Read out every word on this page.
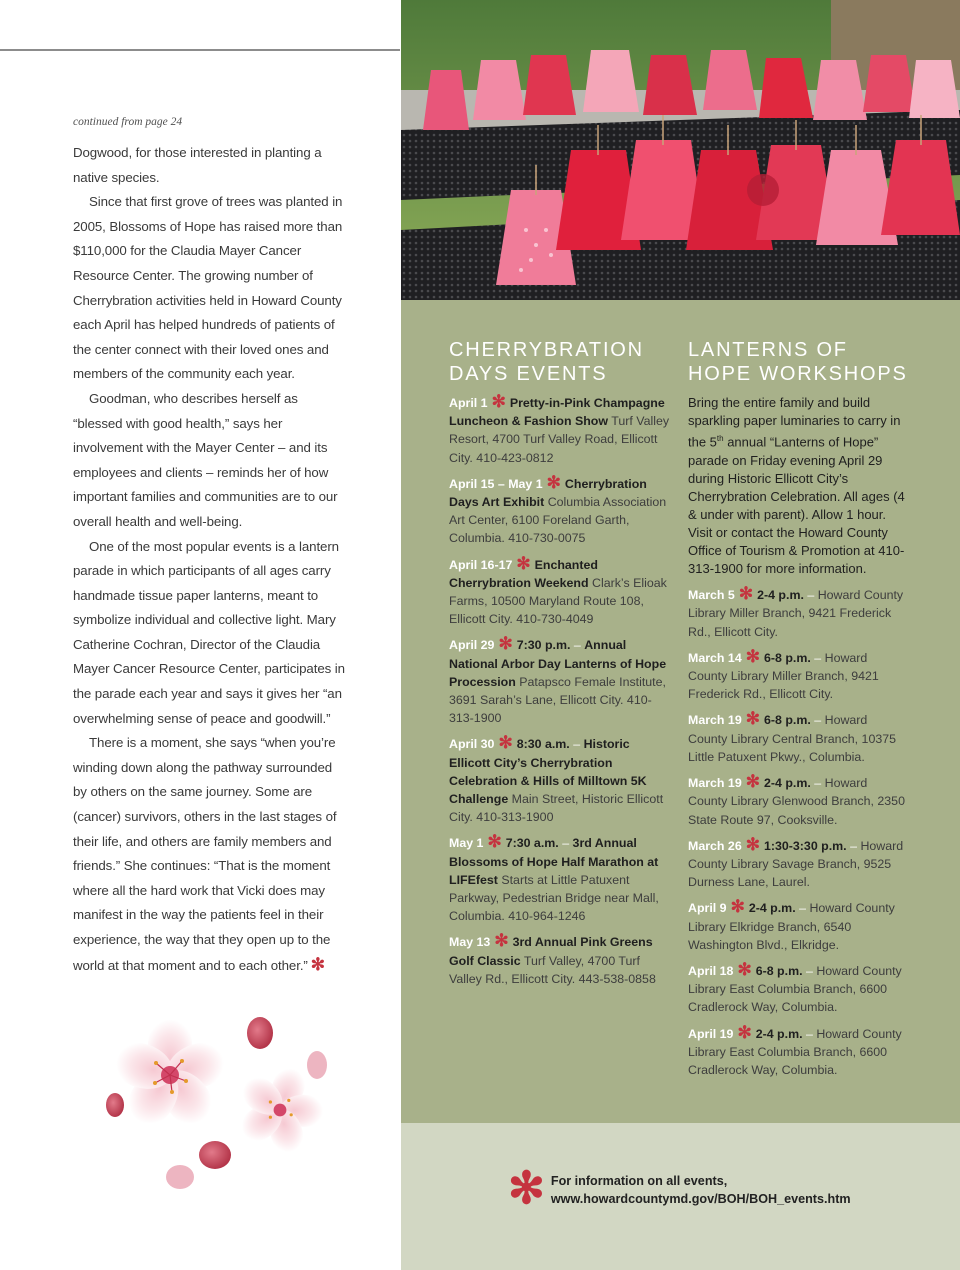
continued from page 24

Dogwood, for those interested in planting a native species.

Since that first grove of trees was planted in 2005, Blossoms of Hope has raised more than $110,000 for the Claudia Mayer Cancer Resource Center. The growing number of Cherrybration activities held in Howard County each April has helped hundreds of patients of the center connect with their loved ones and members of the community each year.

Goodman, who describes herself as “blessed with good health,” says her involvement with the Mayer Center – and its employees and clients – reminds her of how important families and communities are to our overall health and well-being.

One of the most popular events is a lantern parade in which participants of all ages carry handmade tissue paper lanterns, meant to symbolize individual and collective light. Mary Catherine Cochran, Director of the Claudia Mayer Cancer Resource Center, participates in the parade each year and says it gives her “an overwhelming sense of peace and goodwill.”

There is a moment, she says “when you’re winding down along the pathway surrounded by others on the same journey. Some are (cancer) survivors, others in the last stages of their life, and others are family members and friends.” She continues: “That is the moment where all the hard work that Vicki does may manifest in the way the patients feel in their experience, the way that they open up to the world at that moment and to each other.” ✻

CHERRYBRATION
DAYS EVENTS
April 1 ✻ Pretty-in-Pink Champagne Luncheon & Fashion Show Turf Valley Resort, 4700 Turf Valley Road, Ellicott City. 410-423-0812
April 15 – May 1 ✻ Cherrybration Days Art Exhibit Columbia Association Art Center, 6100 Foreland Garth, Columbia. 410-730-0075
April 16-17 ✻ Enchanted Cherrybration Weekend Clark’s Elioak Farms, 10500 Maryland Route 108, Ellicott City. 410-730-4049
April 29 ✻ 7:30 p.m. – Annual National Arbor Day Lanterns of Hope Procession Patapsco Female Institute, 3691 Sarah’s Lane, Ellicott City. 410-313-1900
April 30 ✻ 8:30 a.m. – Historic Ellicott City’s Cherrybration Celebration & Hills of Milltown 5K Challenge Main Street, Historic Ellicott City. 410-313-1900
May 1 ✻ 7:30 a.m. – 3rd Annual Blossoms of Hope Half Marathon at LIFEfest Starts at Little Patuxent Parkway, Pedestrian Bridge near Mall, Columbia. 410-964-1246
May 13 ✻ 3rd Annual Pink Greens Golf Classic Turf Valley, 4700 Turf Valley Rd., Ellicott City. 443-538-0858
LANTERNS OF
HOPE WORKSHOPS

Bring the entire family and build sparkling paper luminaries to carry in the 5th annual “Lanterns of Hope” parade on Friday evening April 29 during Historic Ellicott City’s Cherrybration Celebration. All ages (4 & under with parent). Allow 1 hour. Visit or contact the Howard County Office of Tourism & Promotion at 410-313-1900 for more information.

March 5 ✻ 2-4 p.m. – Howard County Library Miller Branch, 9421 Frederick Rd., Ellicott City.
March 14 ✻ 6-8 p.m. – Howard County Library Miller Branch, 9421 Frederick Rd., Ellicott City.
March 19 ✻ 6-8 p.m. – Howard County Library Central Branch, 10375 Little Patuxent Pkwy., Columbia.
March 19 ✻ 2-4 p.m. – Howard County Library Glenwood Branch, 2350 State Route 97, Cooksville.
March 26 ✻ 1:30-3:30 p.m. – Howard County Library Savage Branch, 9525 Durness Lane, Laurel.
April 9 ✻ 2-4 p.m. – Howard County Library Elkridge Branch, 6540 Washington Blvd., Elkridge.
April 18 ✻ 6-8 p.m. – Howard County Library East Columbia Branch, 6600 Cradlerock Way, Columbia.
April 19 ✻ 2-4 p.m. – Howard County Library East Columbia Branch, 6600 Cradlerock Way, Columbia.
✻ For information on all events,
www.howardcountymd.gov/BOH/BOH_events.htm
